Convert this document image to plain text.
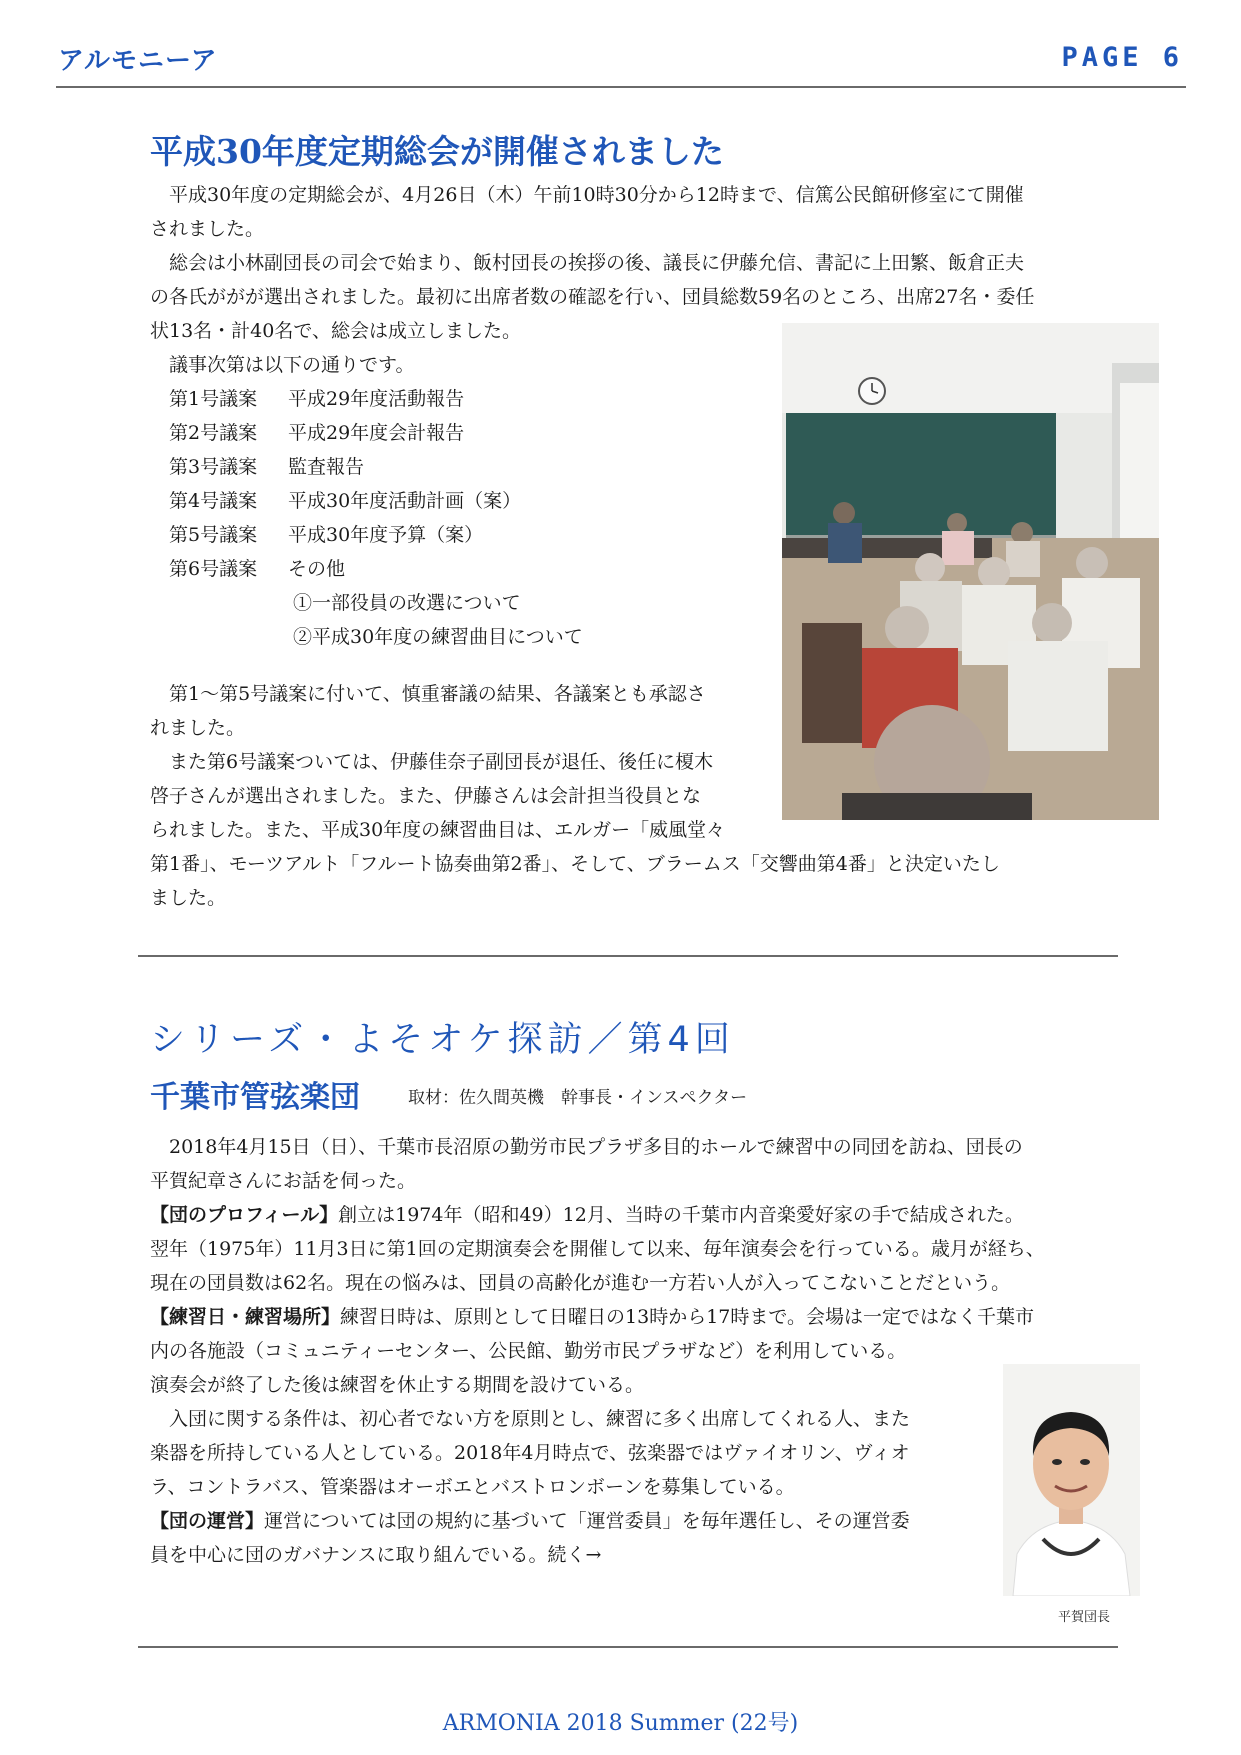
アルモニーア	PAGE 6
平成30年度定期総会が開催されました
平成30年度の定期総会が、4月26日（木）午前10時30分から12時まで、信篤公民館研修室にて開催
されました。
総会は小林副団長の司会で始まり、飯村団長の挨拶の後、議長に伊藤允信、書記に上田繁、飯倉正夫
の各氏ががが選出されました。最初に出席者数の確認を行い、団員総数59名のところ、出席27名・委任
状13名・計40名で、総会は成立しました。
議事次第は以下の通りです。
第1号議案 平成29年度活動報告
第2号議案 平成29年度会計報告
第3号議案 監査報告
第4号議案 平成30年度活動計画（案）
第5号議案 平成30年度予算（案）
第6号議案 その他
①一部役員の改選について
②平成30年度の練習曲目について
第1～第5号議案に付いて、慎重審議の結果、各議案とも承認さ
れました。
また第6号議案ついては、伊藤佳奈子副団長が退任、後任に榎木
啓子さんが選出されました。また、伊藤さんは会計担当役員とな
られました。また、平成30年度の練習曲目は、エルガー「威風堂々
第1番」、モーツアルト「フルート協奏曲第2番」、そして、ブラームス「交響曲第4番」と決定いたし
ました。
シリーズ・よそオケ探訪／第4回
千葉市管弦楽団	取材：佐久間英機　幹事長・インスペクター
2018年4月15日（日）、千葉市長沼原の勤労市民プラザ多目的ホールで練習中の同団を訪ね、団長の
平賀紀章さんにお話を伺った。
【団のプロフィール】創立は1974年（昭和49）12月、当時の千葉市内音楽愛好家の手で結成された。
翌年（1975年）11月3日に第1回の定期演奏会を開催して以来、毎年演奏会を行っている。歳月が経ち、
現在の団員数は62名。現在の悩みは、団員の高齢化が進む一方若い人が入ってこないことだという。
【練習日・練習場所】練習日時は、原則として日曜日の13時から17時まで。会場は一定ではなく千葉市
内の各施設（コミュニティーセンター、公民館、勤労市民プラザなど）を利用している。
演奏会が終了した後は練習を休止する期間を設けている。
入団に関する条件は、初心者でない方を原則とし、練習に多く出席してくれる人、また
楽器を所持している人としている。2018年4月時点で、弦楽器ではヴァイオリン、ヴィオ
ラ、コントラバス、管楽器はオーボエとバストロンボーンを募集している。
【団の運営】運営については団の規約に基づいて「運営委員」を毎年選任し、その運営委
員を中心に団のガバナンスに取り組んでいる。続く→
平賀団長
ARMONIA 2018 Summer (22号)
